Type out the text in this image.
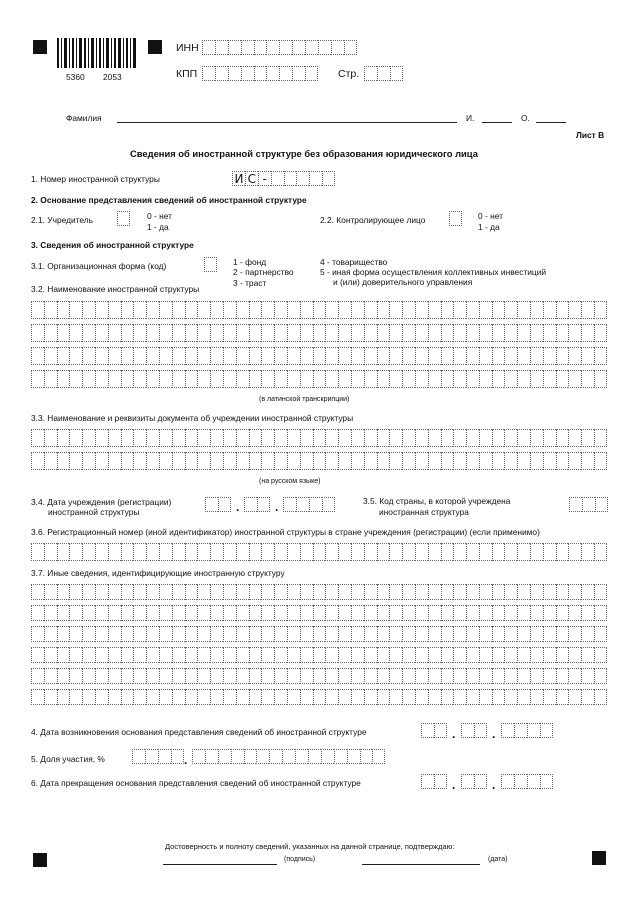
5360 2053
ИНН
КПП	Стр.
Фамилия	И.	О.
Лист В
Сведения об иностранной структуре без образования юридического лица
1. Номер иностранной структуры	И С -
2. Основание представления сведений об иностранной структуре
2.1. Учредитель	0 - нет
1 - да
2.2. Контролирующее лицо	0 - нет
1 - да
3. Сведения об иностранной структуре
3.1. Организационная форма (код)	1 - фонд
2 - партнерство
3 - траст
4 - товарищество
5 - иная форма осуществления коллективных инвестиций
и (или) доверительного управления
3.2. Наименование иностранной структуры
(в латинской транскрипции)
3.3. Наименование и реквизиты документа об учреждении иностранной структуры
(на русском языке)
3.4. Дата учреждения (регистрации)
иностранной структуры	.	.	3.5. Код страны, в которой учреждена
иностранная структура
3.6. Регистрационный номер (иной идентификатор) иностранной структуры в стране учреждения (регистрации) (если применимо)
3.7. Иные сведения, идентифицирующие иностранную структуру
4. Дата возникновения основания представления сведений об иностранной структуре	.	.
5. Доля участия, %	.
6. Дата прекращения основания представления сведений об иностранной структуре	.	.
Достоверность и полноту сведений, указанных на данной странице, подтверждаю:
(подпись)	(дата)
